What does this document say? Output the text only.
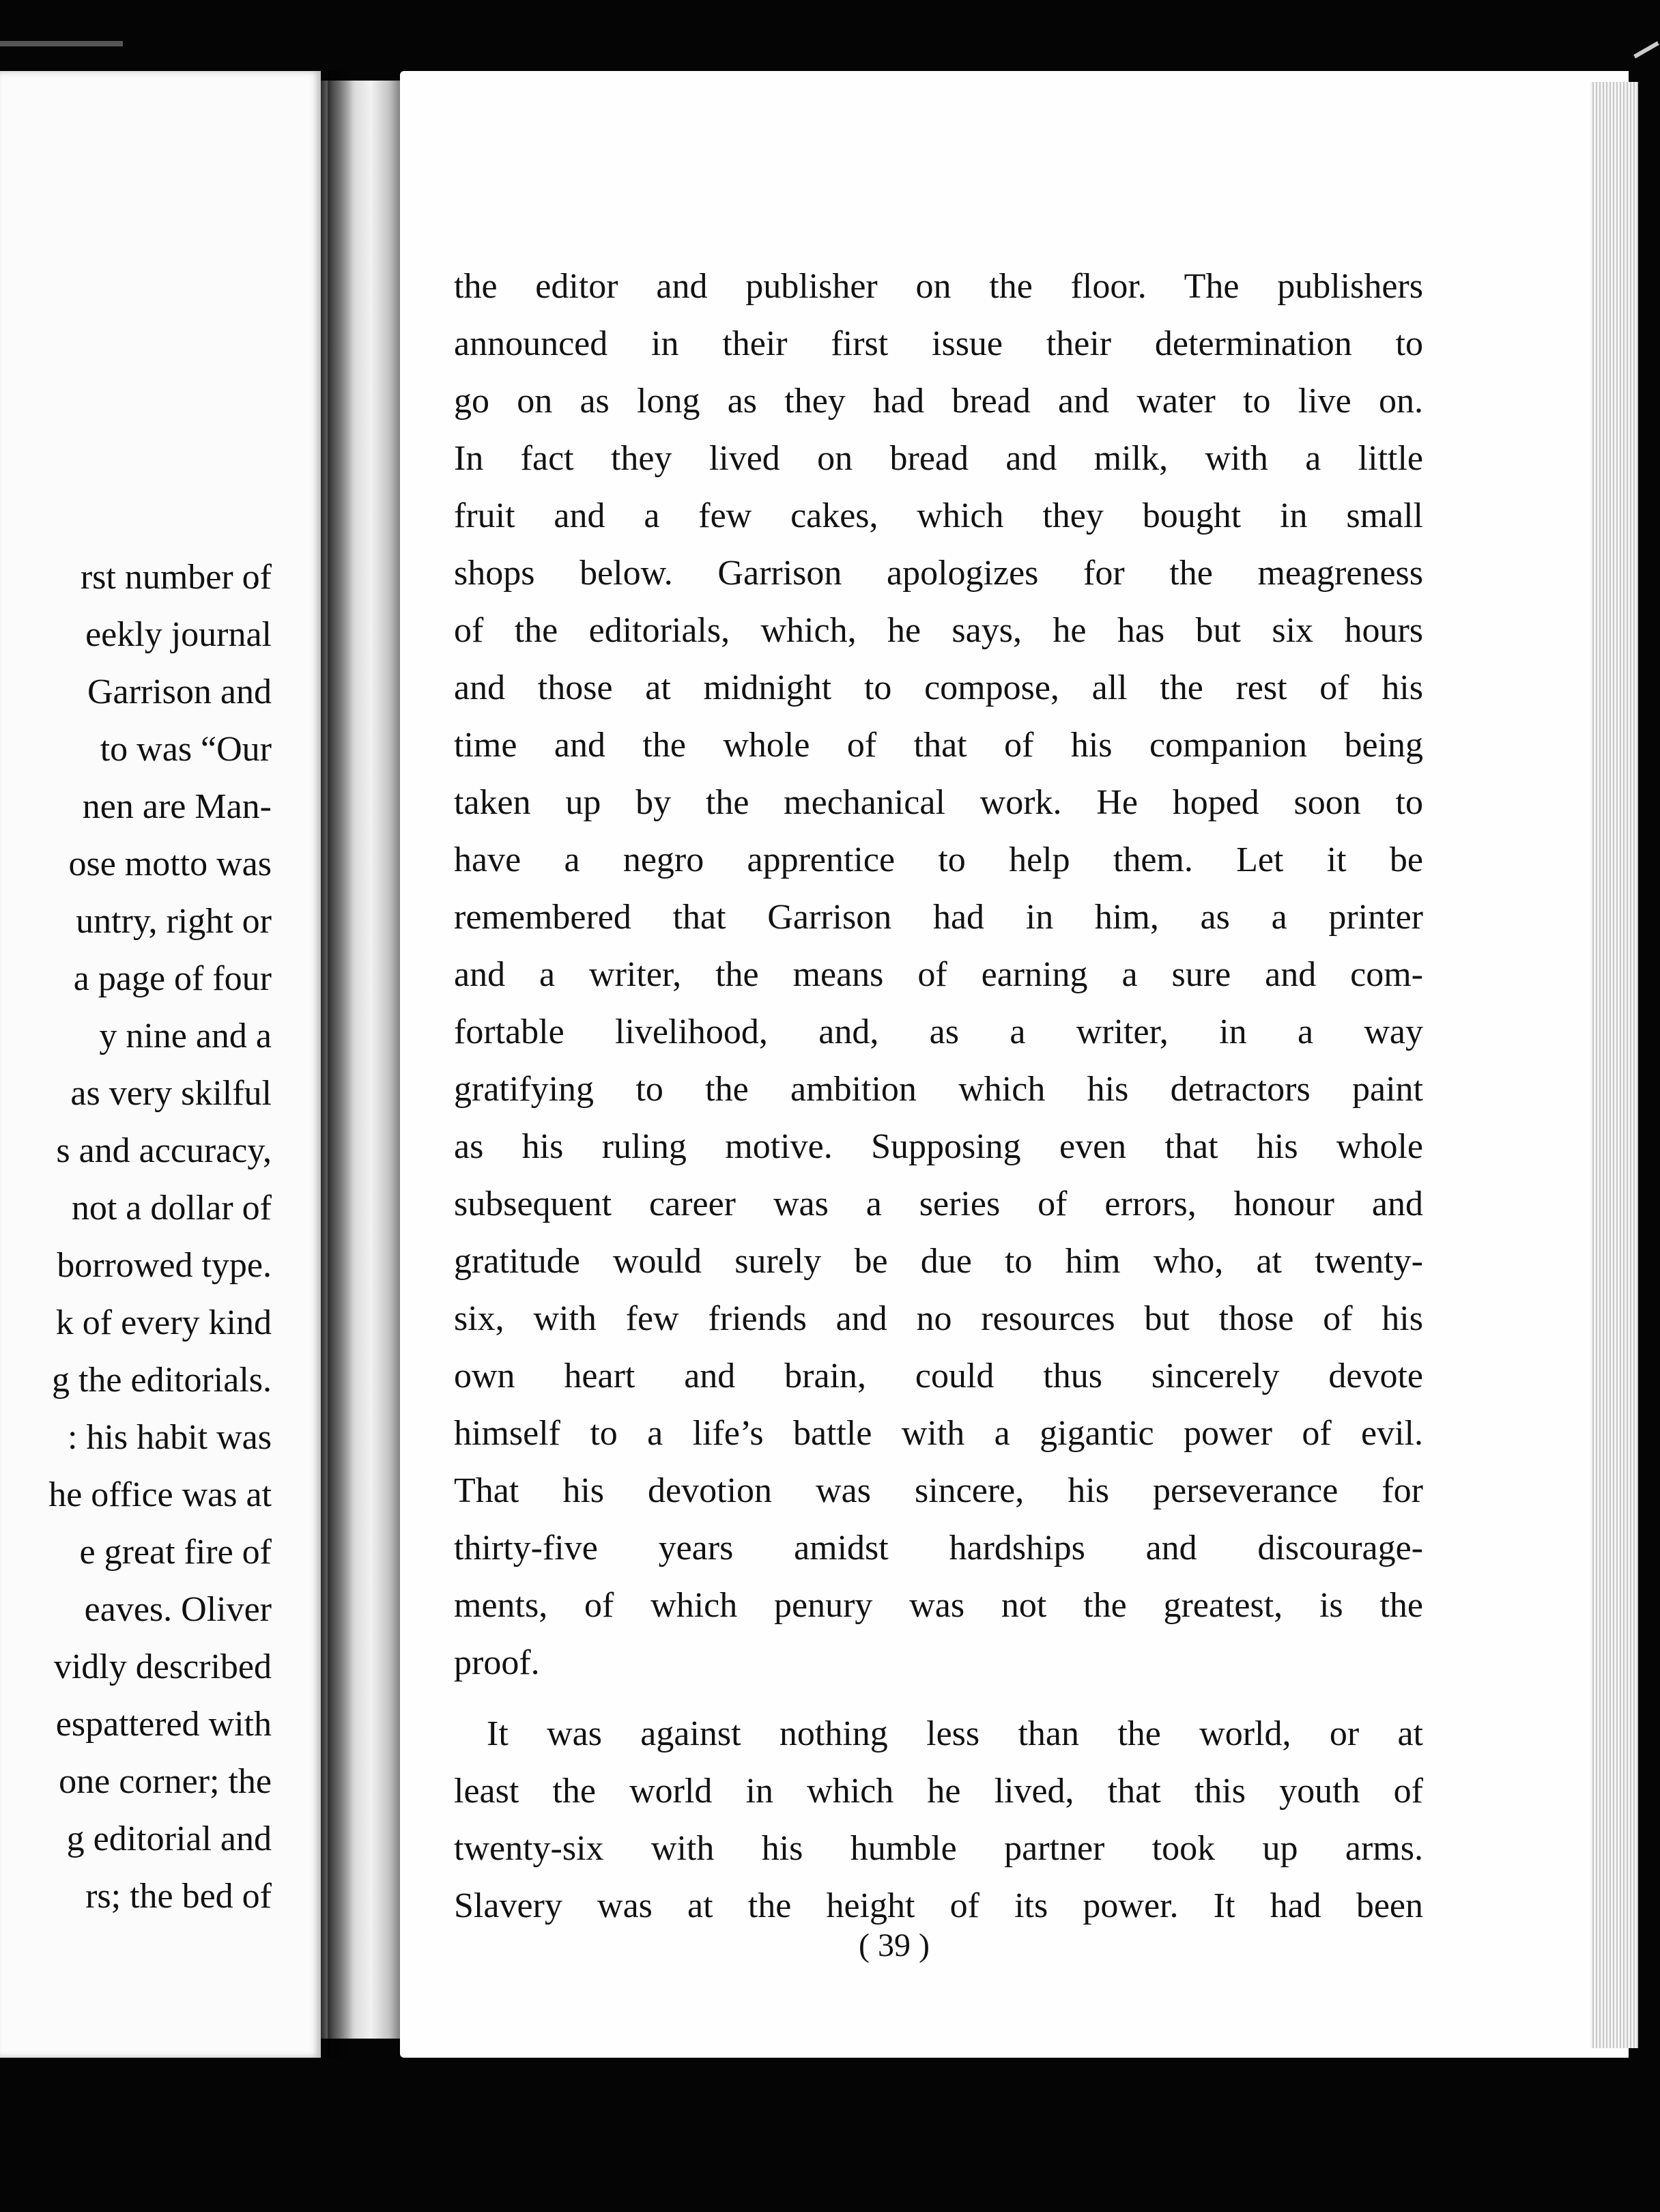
rst number of
eekly journal
Garrison and
to was “Our
nen are Man-
ose motto was
untry, right or
a page of four
y nine and a
as very skilful
s and accuracy,
not a dollar of
borrowed type.
k of every kind
g the editorials.
: his habit was
he office was at
e great fire of
eaves. Oliver
vidly described
espattered with
one corner; the
g editorial and
rs; the bed of
the editor and publisher on the floor. The publishers
announced in their first issue their determination to
go on as long as they had bread and water to live on.
In fact they lived on bread and milk, with a little
fruit and a few cakes, which they bought in small
shops below. Garrison apologizes for the meagreness
of the editorials, which, he says, he has but six hours
and those at midnight to compose, all the rest of his
time and the whole of that of his companion being
taken up by the mechanical work. He hoped soon to
have a negro apprentice to help them. Let it be
remembered that Garrison had in him, as a printer
and a writer, the means of earning a sure and com-
fortable livelihood, and, as a writer, in a way
gratifying to the ambition which his detractors paint
as his ruling motive. Supposing even that his whole
subsequent career was a series of errors, honour and
gratitude would surely be due to him who, at twenty-
six, with few friends and no resources but those of his
own heart and brain, could thus sincerely devote
himself to a life’s battle with a gigantic power of evil.
That his devotion was sincere, his perseverance for
thirty-five years amidst hardships and discourage-
ments, of which penury was not the greatest, is the
proof.
It was against nothing less than the world, or at
least the world in which he lived, that this youth of
twenty-six with his humble partner took up arms.
Slavery was at the height of its power. It had been
( 39 )
